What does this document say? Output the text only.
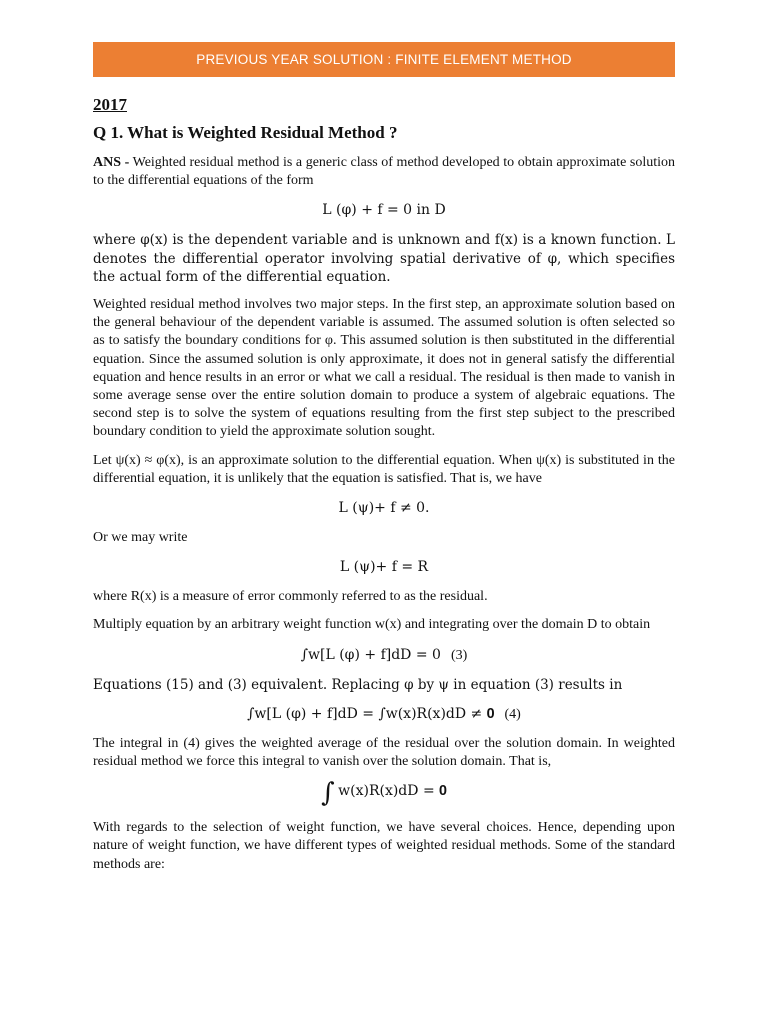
PREVIOUS YEAR SOLUTION : FINITE ELEMENT METHOD
2017
Q 1. What is Weighted Residual Method ?

ANS - Weighted residual method is a generic class of method developed to obtain approximate solution to the differential equations of the form

L (φ) + f = 0 in D

where φ(x) is the dependent variable and is unknown and f(x) is a known function. L denotes the differential operator involving spatial derivative of φ, which specifies the actual form of the differential equation.

Weighted residual method involves two major steps. In the first step, an approximate solution based on the general behaviour of the dependent variable is assumed. The assumed solution is often selected so as to satisfy the boundary conditions for φ. This assumed solution is then substituted in the differential equation. Since the assumed solution is only approximate, it does not in general satisfy the differential equation and hence results in an error or what we call a residual. The residual is then made to vanish in some average sense over the entire solution domain to produce a system of algebraic equations. The second step is to solve the system of equations resulting from the first step subject to the prescribed boundary condition to yield the approximate solution sought.

Let ψ(x) ≈ φ(x), is an approximate solution to the differential equation. When ψ(x) is substituted in the differential equation, it is unlikely that the equation is satisfied. That is, we have

L (ψ)+ f ≠ 0.

Or we may write

L (ψ)+ f = R

where R(x) is a measure of error commonly referred to as the residual.

Multiply equation by an arbitrary weight function w(x) and integrating over the domain D to obtain

∫w[L (φ) + f]dD = 0 (3)

Equations (15) and (3) equivalent. Replacing φ by ψ in equation (3) results in

∫w[L (φ) + f]dD = ∫w(x)R(x)dD ≠ 𝟎 (4)

The integral in (4) gives the weighted average of the residual over the solution domain. In weighted residual method we force this integral to vanish over the solution domain. That is,

∫ w(x)R(x)dD = 𝟎

With regards to the selection of weight function, we have several choices. Hence, depending upon nature of weight function, we have different types of weighted residual methods. Some of the standard methods are:
